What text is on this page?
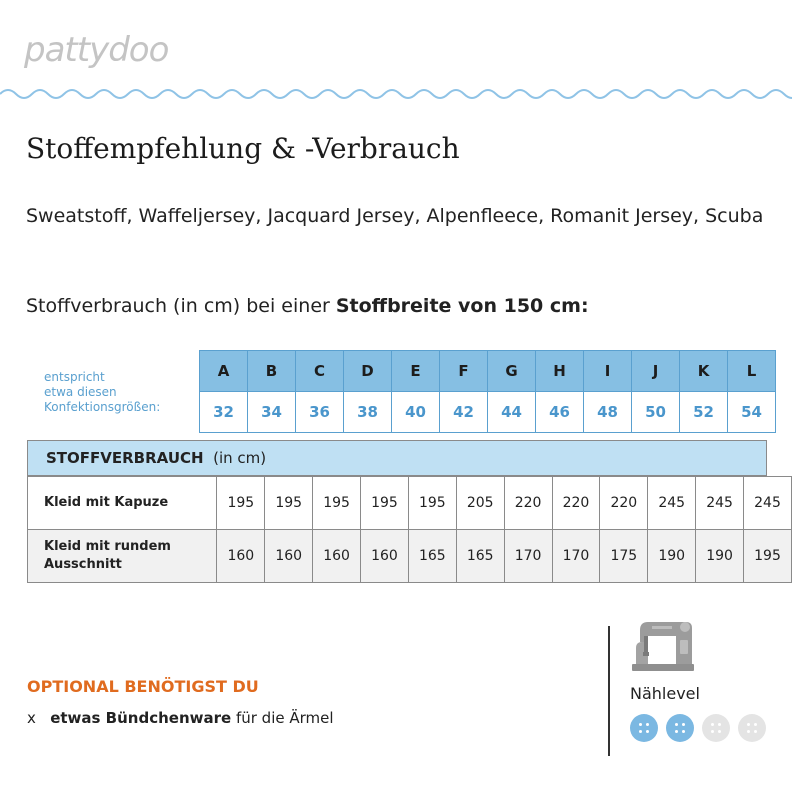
pattydoo
Stoffempfehlung & -Verbrauch
Sweatstoff, Waffeljersey, Jacquard Jersey, Alpenfleece, Romanit Jersey, Scuba
Stoffverbrauch (in cm) bei einer Stoffbreite von 150 cm:
entspricht
etwa diesen
Konfektionsgrößen:
A	B	C	D	E	F	G	H	I	J	K	L
32	34	36	38	40	42	44	46	48	50	52	54
STOFFVERBRAUCH (in cm)
Kleid mit Kapuze	195	195	195	195	195	205	220	220	220	245	245	245
Kleid mit rundem
Ausschnitt	160	160	160	160	165	165	170	170	175	190	190	195
OPTIONAL BENÖTIGST DU
x etwas Bündchenware für die Ärmel
Nählevel
